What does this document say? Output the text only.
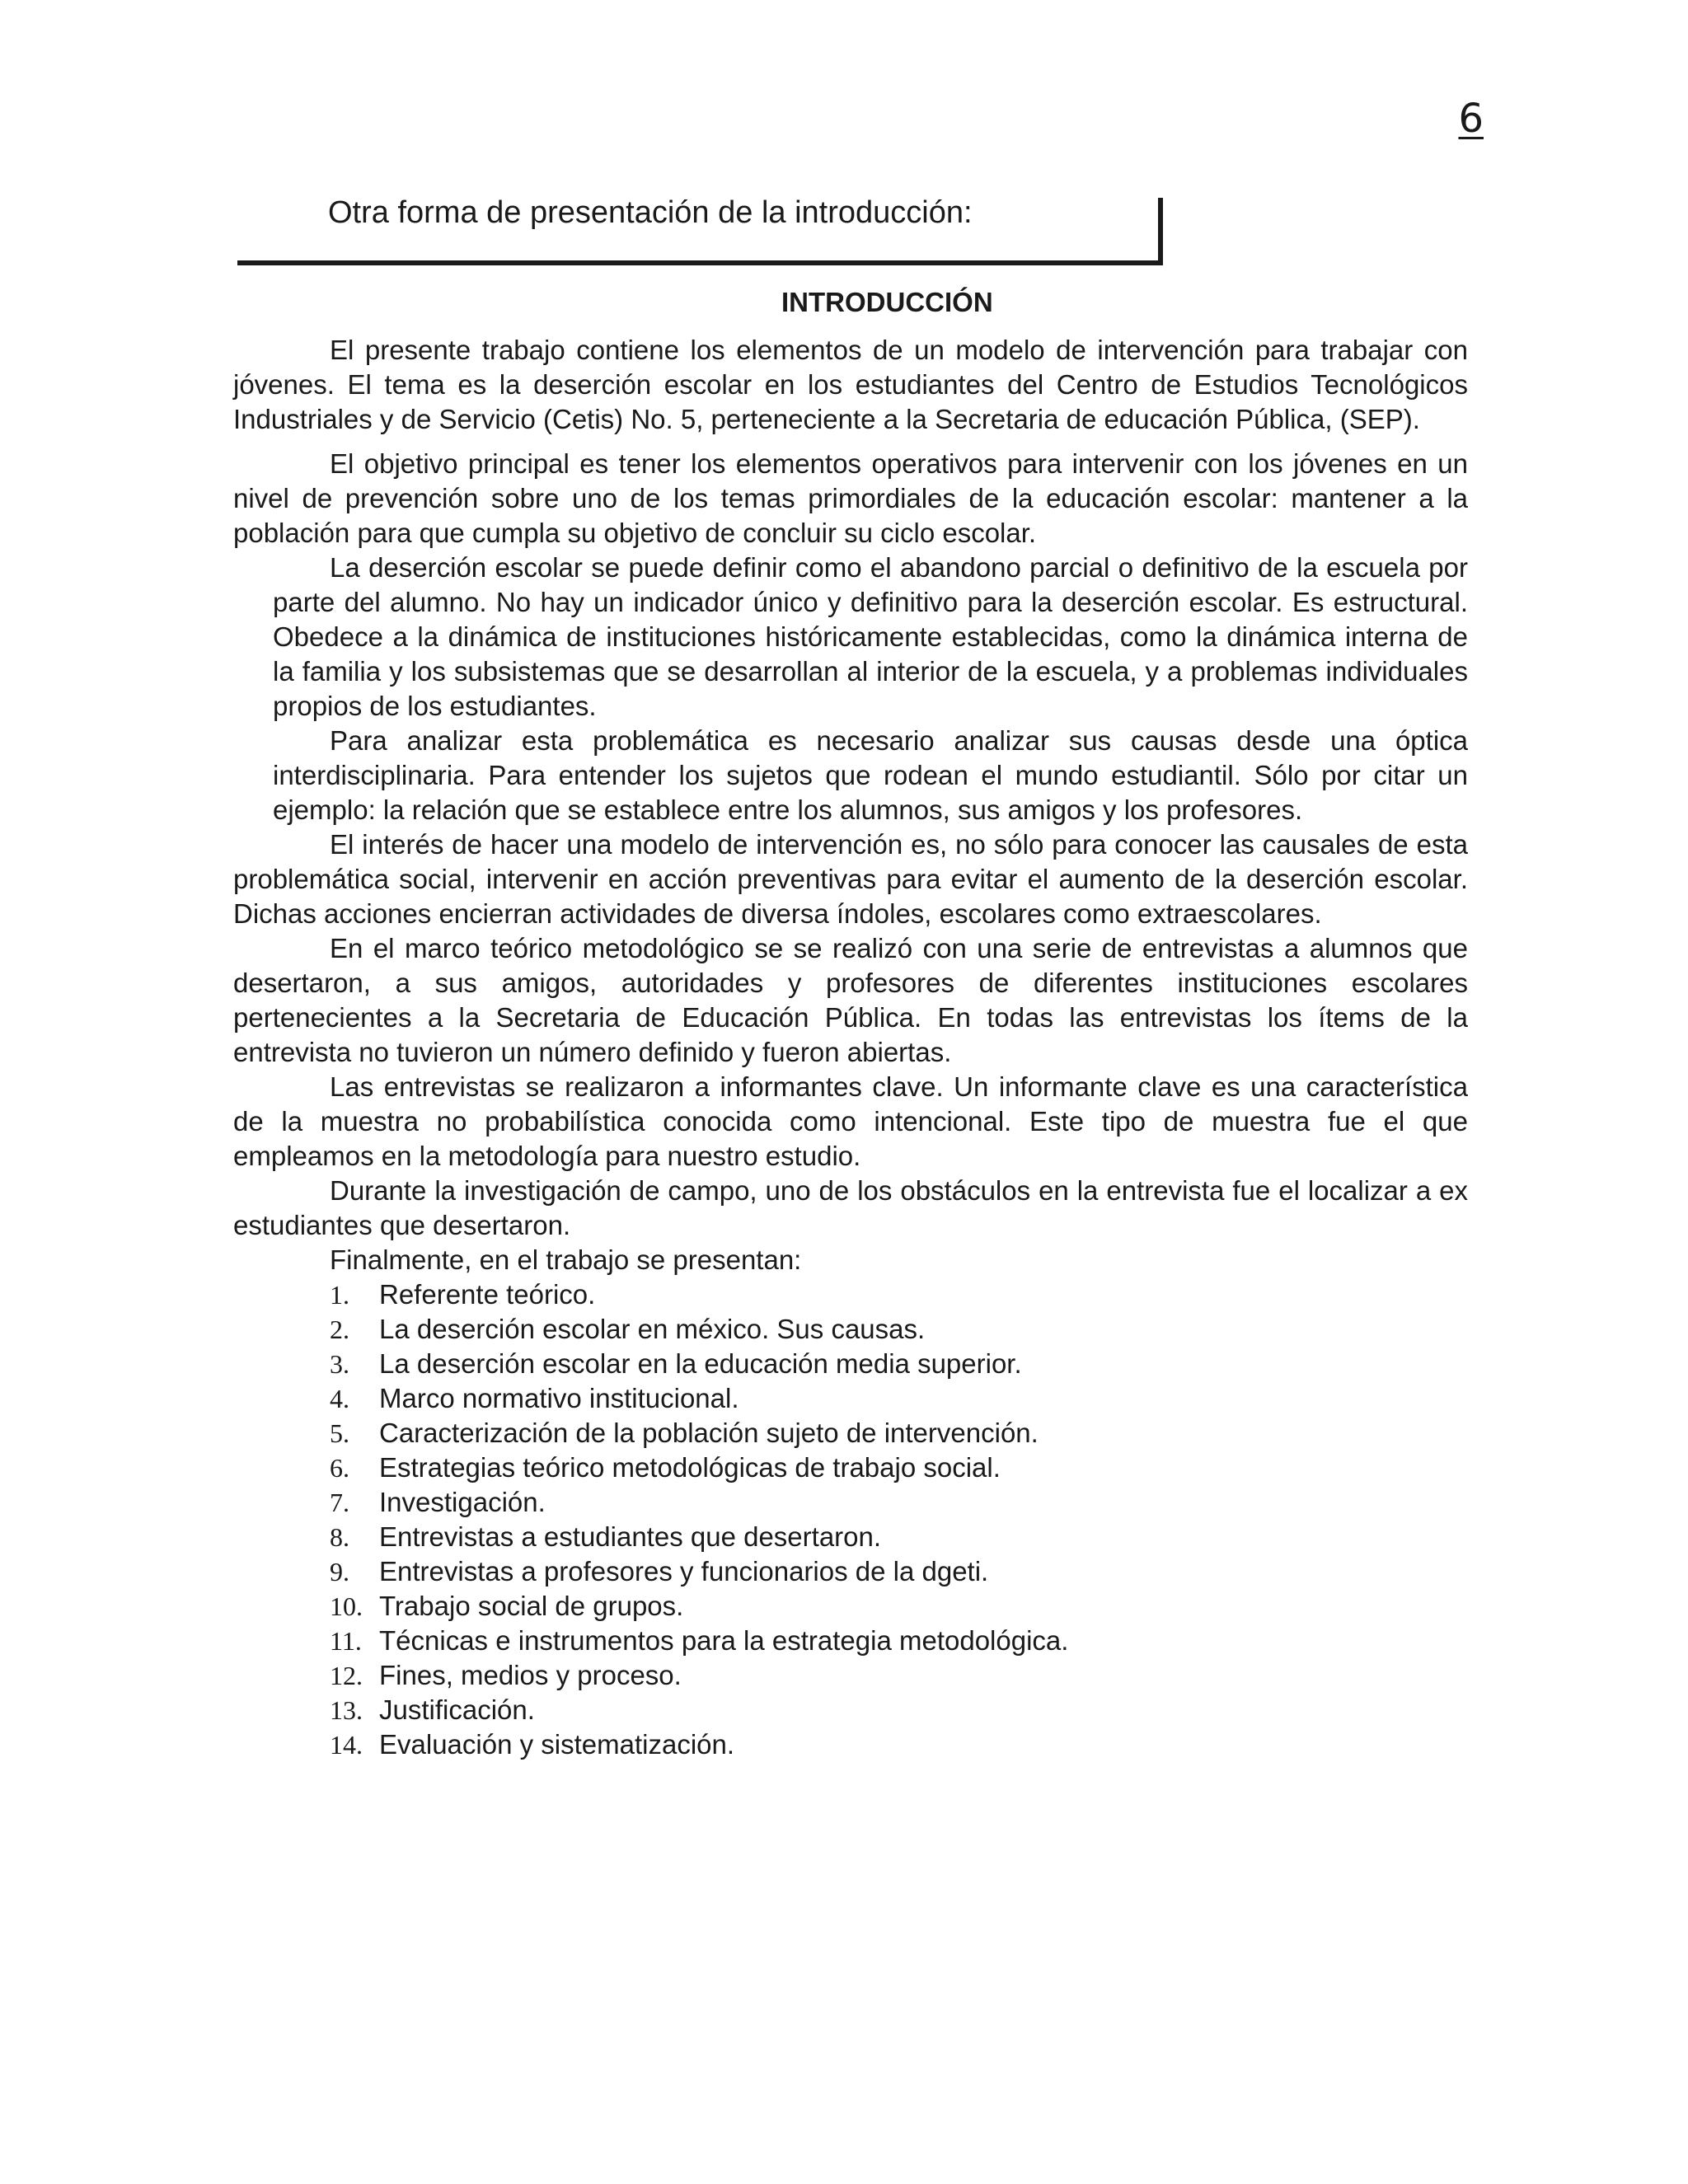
6
Otra forma de presentación de la introducción:
INTRODUCCIÓN

El presente trabajo contiene los elementos de un modelo de intervención para trabajar con jóvenes. El tema es la deserción escolar en los estudiantes del Centro de Estudios Tecnológicos Industriales y de Servicio (Cetis) No. 5, perteneciente a la Secretaria de educación Pública, (SEP).

El objetivo principal es tener los elementos operativos para intervenir con los jóvenes en un nivel de prevención sobre uno de los temas primordiales de la educación escolar: mantener a la población para que cumpla su objetivo de concluir su ciclo escolar.

La deserción escolar se puede definir como el abandono parcial o definitivo de la escuela por parte del alumno. No hay un indicador único y definitivo para la deserción escolar. Es estructural. Obedece a la dinámica de instituciones históricamente establecidas, como la dinámica interna de la familia y los subsistemas que se desarrollan al interior de la escuela, y a problemas individuales propios de los estudiantes.

Para analizar esta problemática es necesario analizar sus causas desde una óptica interdisciplinaria. Para entender los sujetos que rodean el mundo estudiantil. Sólo por citar un ejemplo: la relación que se establece entre los alumnos, sus amigos y los profesores.

El interés de hacer una modelo de intervención es, no sólo para conocer las causales de esta problemática social, intervenir en acción preventivas para evitar el aumento de la deserción escolar. Dichas acciones encierran actividades de diversa índoles, escolares como extraescolares.

En el marco teórico metodológico se se realizó con una serie de entrevistas a alumnos que desertaron, a sus amigos, autoridades y profesores de diferentes instituciones escolares pertenecientes a la Secretaria de Educación Pública. En todas las entrevistas los ítems de la entrevista no tuvieron un número definido y fueron abiertas.

Las entrevistas se realizaron a informantes clave. Un informante clave es una característica de la muestra no probabilística conocida como intencional. Este tipo de muestra fue el que empleamos en la metodología para nuestro estudio.

Durante la investigación de campo, uno de los obstáculos en la entrevista fue el localizar a ex estudiantes que desertaron.

Finalmente, en el trabajo se presentan:

1.	Referente teórico.
2.	La deserción escolar en méxico. Sus causas.
3.	La deserción escolar en la educación media superior.
4.	Marco normativo institucional.
5.	Caracterización de la población sujeto de intervención.
6.	Estrategias teórico metodológicas de trabajo social.
7.	Investigación.
8.	Entrevistas a estudiantes que desertaron.
9.	Entrevistas a profesores y funcionarios de la dgeti.
10. Trabajo social de grupos.
11. Técnicas e instrumentos para la estrategia metodológica.
12. Fines, medios y proceso.
13. Justificación.
14. Evaluación y sistematización.
